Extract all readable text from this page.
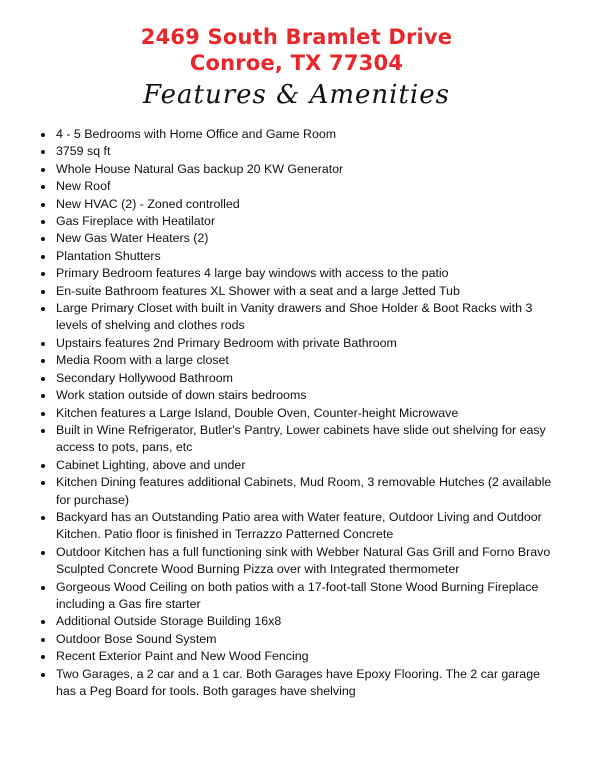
2469 South Bramlet Drive
Conroe, TX 77304
Features & Amenities
4 - 5 Bedrooms with Home Office and Game Room
3759 sq ft
Whole House Natural Gas backup 20 KW Generator
New Roof
New HVAC (2) - Zoned controlled
Gas Fireplace with Heatilator
New Gas Water Heaters (2)
Plantation Shutters
Primary Bedroom features 4 large bay windows with access to the patio
En-suite Bathroom features XL Shower with a seat and a large Jetted Tub
Large Primary Closet with built in Vanity drawers and Shoe Holder & Boot Racks with 3 levels of shelving and clothes rods
Upstairs features 2nd Primary Bedroom with private Bathroom
Media Room with a large closet
Secondary Hollywood Bathroom
Work station outside of down stairs bedrooms
Kitchen features a Large Island, Double Oven, Counter-height Microwave
Built in Wine Refrigerator, Butler's Pantry, Lower cabinets have slide out shelving for easy access to pots, pans, etc
Cabinet Lighting, above and under
Kitchen Dining features additional Cabinets, Mud Room, 3 removable Hutches (2 available for purchase)
Backyard has an Outstanding Patio area with Water feature, Outdoor Living and Outdoor Kitchen. Patio floor is finished in Terrazzo Patterned Concrete
Outdoor Kitchen has a full functioning sink with Webber Natural Gas Grill and Forno Bravo Sculpted Concrete Wood Burning Pizza over with Integrated thermometer
Gorgeous Wood Ceiling on both patios with a 17-foot-tall Stone Wood Burning Fireplace including a Gas fire starter
Additional Outside Storage Building 16x8
Outdoor Bose Sound System
Recent Exterior Paint and New Wood Fencing
Two Garages, a 2 car and a 1 car. Both Garages have Epoxy Flooring. The 2 car garage has a Peg Board for tools. Both garages have shelving
